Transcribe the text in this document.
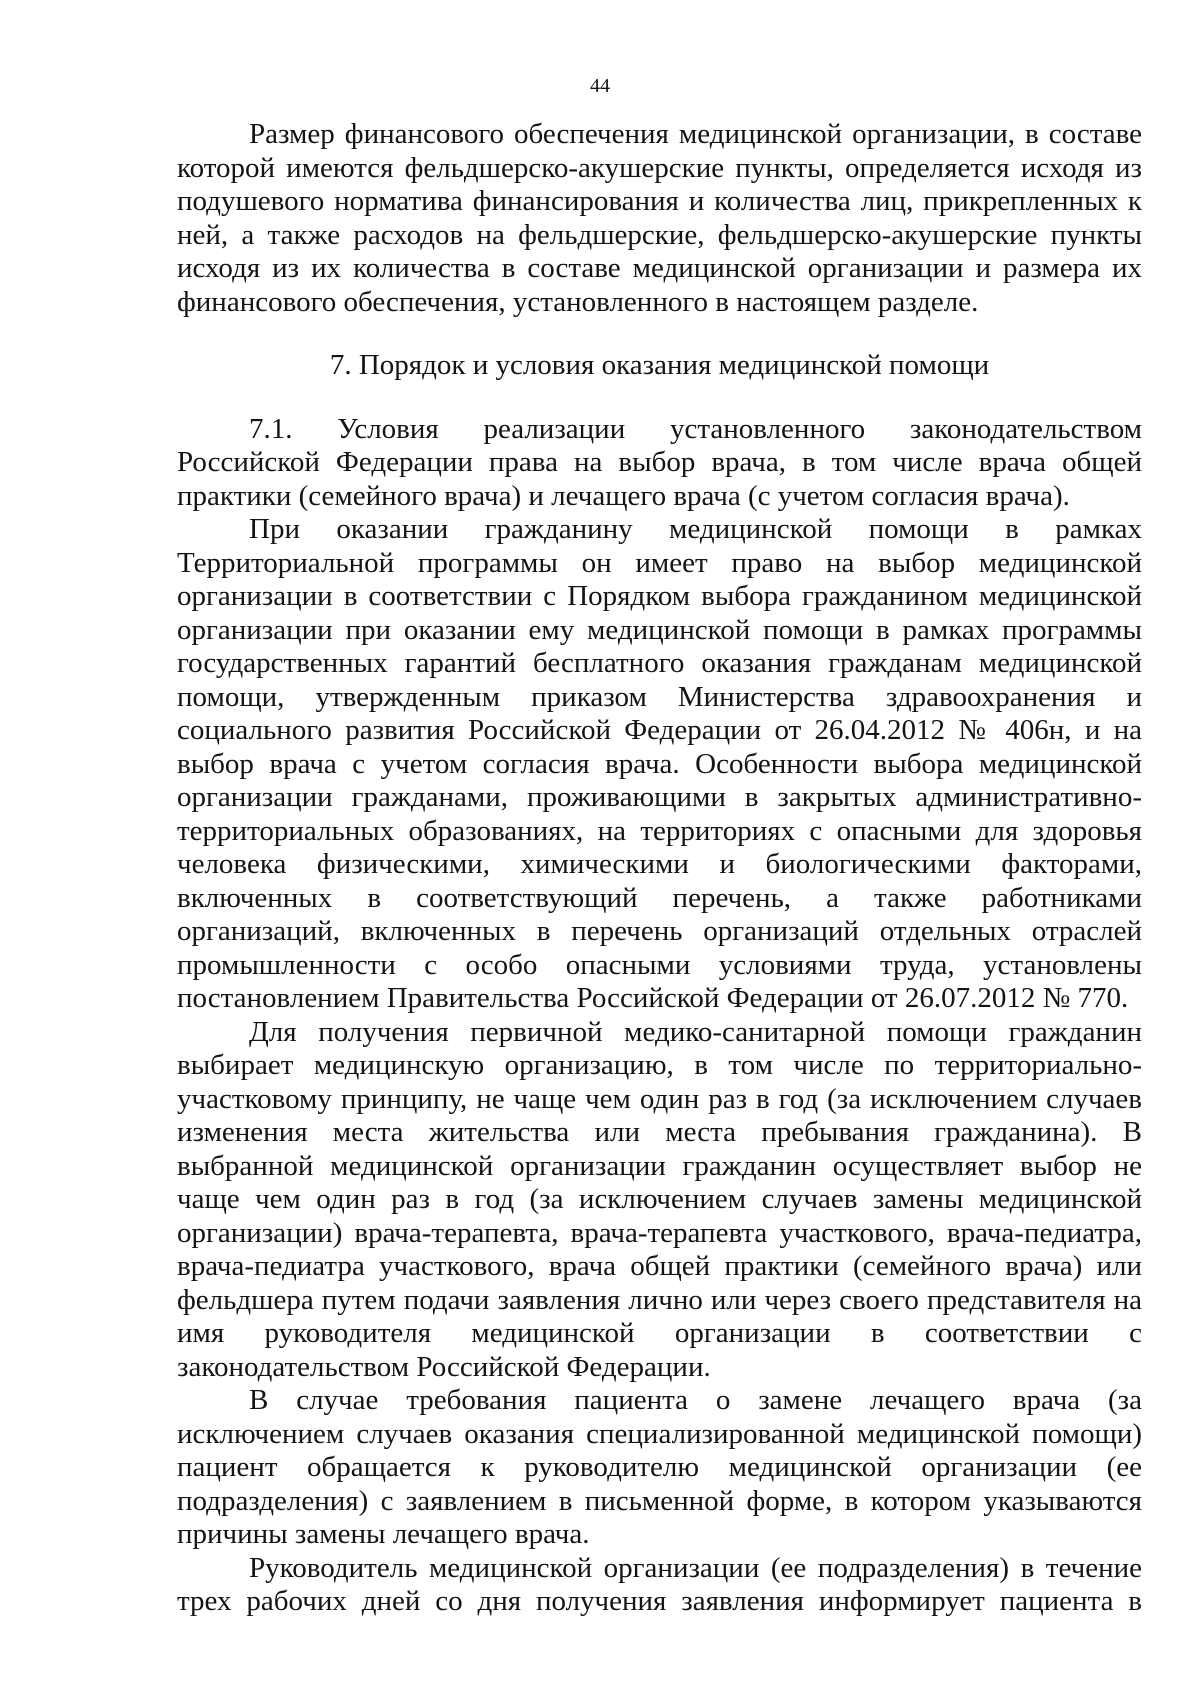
44

Размер финансового обеспечения медицинской организации, в составе которой имеются фельдшерско-акушерские пункты, определяется исходя из подушевого норматива финансирования и количества лиц, прикрепленных к ней, а также расходов на фельдшерские, фельдшерско-акушерские пункты исходя из их количества в составе медицинской организации и размера их финансового обеспечения, установленного в настоящем разделе.

7. Порядок и условия оказания медицинской помощи

7.1. Условия реализации установленного законодательством Российской Федерации права на выбор врача, в том числе врача общей практики (семейного врача) и лечащего врача (с учетом согласия врача).

При оказании гражданину медицинской помощи в рамках Территориальной программы он имеет право на выбор медицинской организации в соответствии с Порядком выбора гражданином медицинской организации при оказании ему медицинской помощи в рамках программы государственных гарантий бесплатного оказания гражданам медицинской помощи, утвержденным приказом Министерства здравоохранения и социального развития Российской Федерации от 26.04.2012 № 406н, и на выбор врача с учетом согласия врача. Особенности выбора медицинской организации гражданами, проживающими в закрытых административно-территориальных образованиях, на территориях с опасными для здоровья человека физическими, химическими и биологическими факторами, включенных в соответствующий перечень, а также работниками организаций, включенных в перечень организаций отдельных отраслей промышленности с особо опасными условиями труда, установлены постановлением Правительства Российской Федерации от 26.07.2012 № 770.

Для получения первичной медико-санитарной помощи гражданин выбирает медицинскую организацию, в том числе по территориально-участковому принципу, не чаще чем один раз в год (за исключением случаев изменения места жительства или места пребывания гражданина). В выбранной медицинской организации гражданин осуществляет выбор не чаще чем один раз в год (за исключением случаев замены медицинской организации) врача-терапевта, врача-терапевта участкового, врача-педиатра, врача-педиатра участкового, врача общей практики (семейного врача) или фельдшера путем подачи заявления лично или через своего представителя на имя руководителя медицинской организации в соответствии с законодательством Российской Федерации.

В случае требования пациента о замене лечащего врача (за исключением случаев оказания специализированной медицинской помощи) пациент обращается к руководителю медицинской организации (ее подразделения) с заявлением в письменной форме, в котором указываются причины замены лечащего врача.

Руководитель медицинской организации (ее подразделения) в течение трех рабочих дней со дня получения заявления информирует пациента в
